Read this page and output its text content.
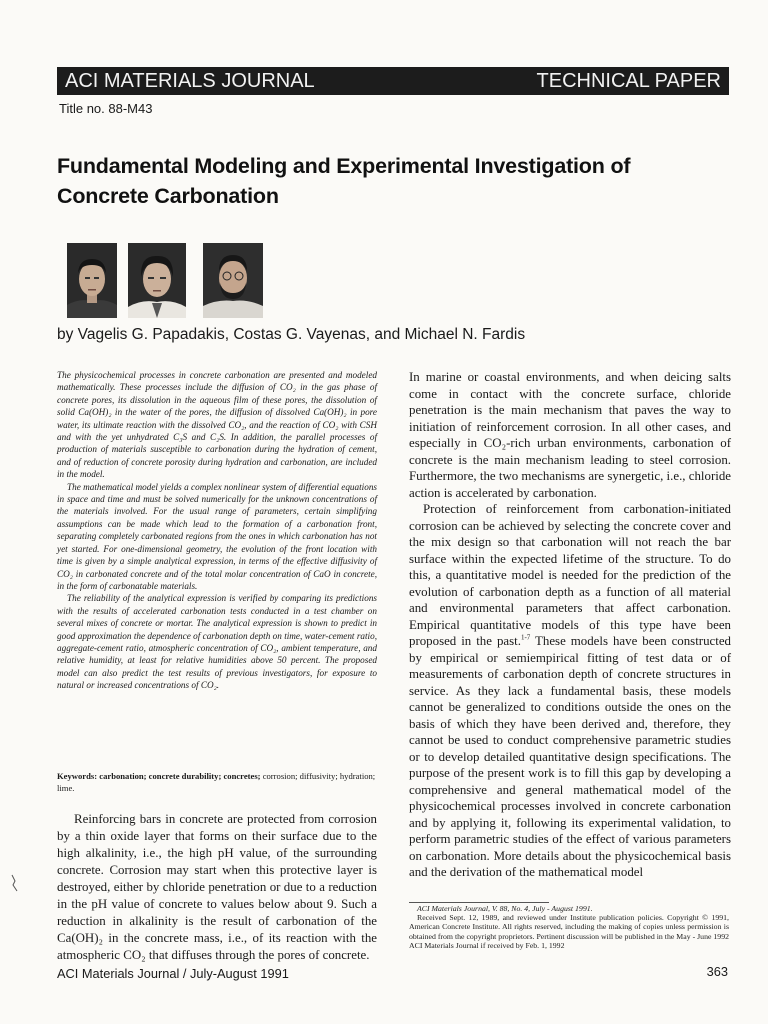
ACI MATERIALS JOURNAL	TECHNICAL PAPER
Title no. 88-M43
Fundamental Modeling and Experimental Investigation of
Concrete Carbonation
by Vagelis G. Papadakis, Costas G. Vayenas, and Michael N. Fardis

The physicochemical processes in concrete carbonation are presented and modeled mathematically. These processes include the diffusion of CO₂ in the gas phase of concrete pores, its dissolution in the aqueous film of these pores, the dissolution of solid Ca(OH)₂ in the water of the pores, the diffusion of dissolved Ca(OH)₂ in pore water, its ultimate reaction with the dissolved CO₂, and the reaction of CO₂ with CSH and with the yet unhydrated C₃S and C₂S. In addition, the parallel processes of production of materials susceptible to carbonation during the hydration of cement, and of reduction of concrete porosity during hydration and carbonation, are included in the model.

The mathematical model yields a complex nonlinear system of differential equations in space and time and must be solved numerically for the unknown concentrations of the materials involved. For the usual range of parameters, certain simplifying assumptions can be made which lead to the formation of a carbonation front, separating completely carbonated regions from the ones in which carbonation has not yet started. For one-dimensional geometry, the evolution of the front location with time is given by a simple analytical expression, in terms of the effective diffusivity of CO₂ in carbonated concrete and of the total molar concentration of CaO in concrete, in the form of carbonatable materials.

The reliability of the analytical expression is verified by comparing its predictions with the results of accelerated carbonation tests conducted in a test chamber on several mixes of concrete or mortar. The analytical expression is shown to predict in good approximation the dependence of carbonation depth on time, water-cement ratio, aggregate-cement ratio, atmospheric concentration of CO₂, ambient temperature, and relative humidity, at least for relative humidities above 50 percent. The proposed model can also predict the test results of previous investigators, for exposure to natural or increased concentrations of CO₂.

Keywords: carbonation; concrete durability; concretes; corrosion; diffusivity; hydration; lime.

Reinforcing bars in concrete are protected from corrosion by a thin oxide layer that forms on their surface due to the high alkalinity, i.e., the high pH value, of the surrounding concrete. Corrosion may start when this protective layer is destroyed, either by chloride penetration or due to a reduction in the pH value of concrete to values below about 9. Such a reduction in alkalinity is the result of carbonation of the Ca(OH)₂ in the concrete mass, i.e., of its reaction with the atmospheric CO₂ that diffuses through the pores of concrete.

In marine or coastal environments, and when deicing salts come in contact with the concrete surface, chloride penetration is the main mechanism that paves the way to initiation of reinforcement corrosion. In all other cases, and especially in CO₂-rich urban environments, carbonation of concrete is the main mechanism leading to steel corrosion. Furthermore, the two mechanisms are synergetic, i.e., chloride action is accelerated by carbonation.

Protection of reinforcement from carbonation-initiated corrosion can be achieved by selecting the concrete cover and the mix design so that carbonation will not reach the bar surface within the expected lifetime of the structure. To do this, a quantitative model is needed for the prediction of the evolution of carbonation depth as a function of all material and environmental parameters that affect carbonation. Empirical quantitative models of this type have been proposed in the past.$^{1-7}$ These models have been constructed by empirical or semiempirical fitting of test data or of measurements of carbonation depth of concrete structures in service. As they lack a fundamental basis, these models cannot be generalized to conditions outside the ones on the basis of which they have been derived and, therefore, they cannot be used to conduct comprehensive parametric studies or to develop detailed quantitative design specifications. The purpose of the present work is to fill this gap by developing a comprehensive and general mathematical model of the physicochemical processes involved in concrete carbonation and by applying it, following its experimental validation, to perform parametric studies of the effect of various parameters on carbonation. More details about the physicochemical basis and the derivation of the mathematical model

ACI Materials Journal, V. 88, No. 4, July - August 1991.

Received Sept. 12, 1989, and reviewed under Institute publication policies. Copyright © 1991, American Concrete Institute. All rights reserved, including the making of copies unless permission is obtained from the copyright proprietors. Pertinent discussion will be published in the May - June 1992 ACI Materials Journal if received by Feb. 1, 1992

ACI Materials Journal / July-August 1991	363
